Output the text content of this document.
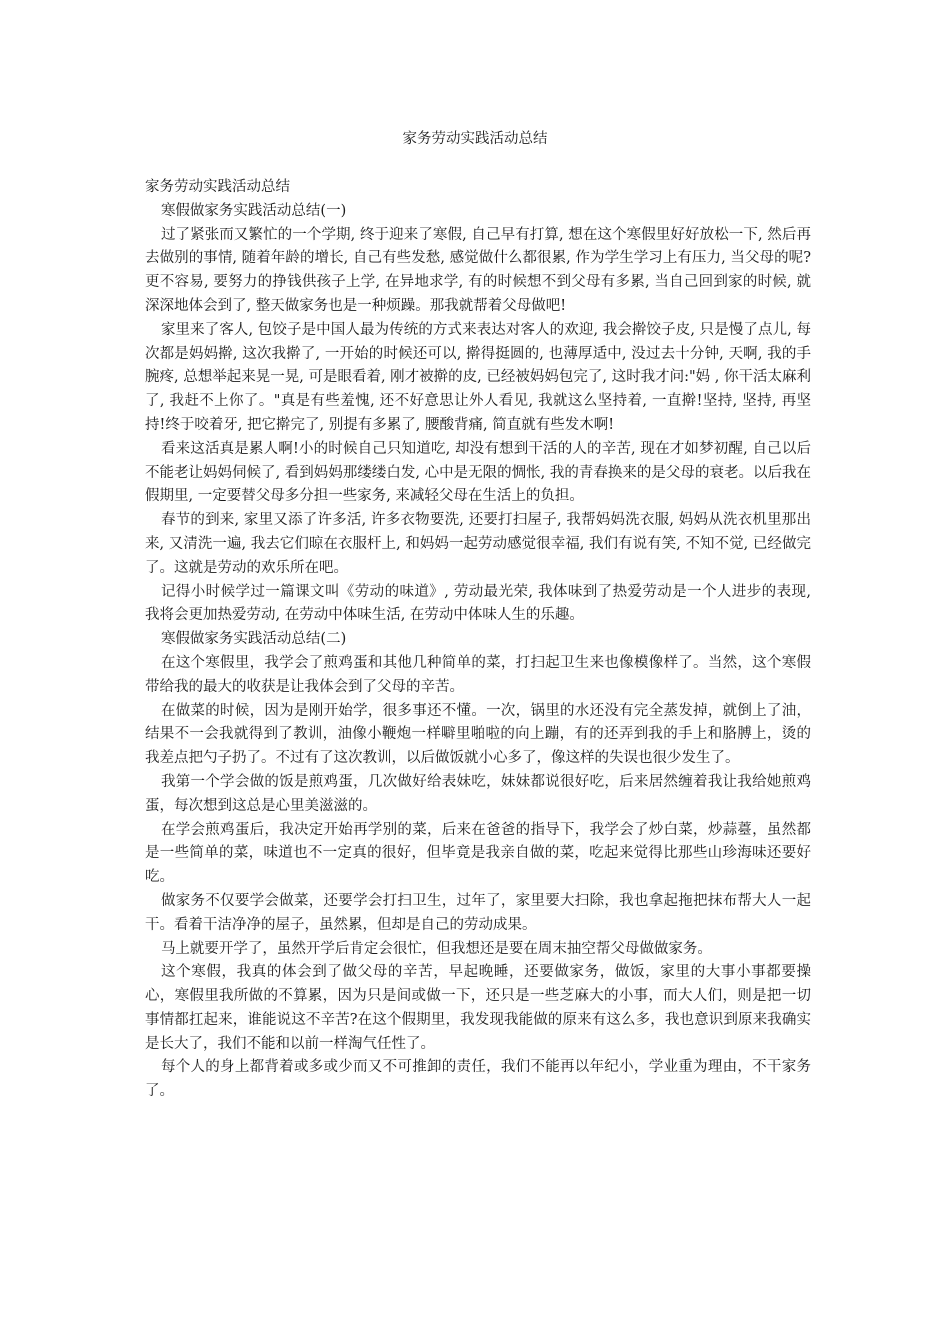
家务劳动实践活动总结

家务劳动实践活动总结

寒假做家务实践活动总结(一)

过了紧张而又繁忙的一个学期, 终于迎来了寒假, 自己早有打算, 想在这个寒假里好好放松一下, 然后再去做别的事情, 随着年龄的增长, 自己有些发愁, 感觉做什么都很累, 作为学生学习上有压力, 当父母的呢?更不容易, 要努力的挣钱供孩子上学, 在异地求学, 有的时候想不到父母有多累, 当自己回到家的时候, 就深深地体会到了, 整天做家务也是一种烦躁。那我就帮着父母做吧!

家里来了客人, 包饺子是中国人最为传统的方式来表达对客人的欢迎, 我会擀饺子皮, 只是慢了点儿, 每次都是妈妈擀, 这次我擀了, 一开始的时候还可以, 擀得挺圆的, 也薄厚适中, 没过去十分钟, 天啊, 我的手腕疼, 总想举起来晃一晃, 可是眼看着, 刚才被擀的皮, 已经被妈妈包完了, 这时我才问:"妈 , 你干活太麻利了, 我赶不上你了。"真是有些羞愧, 还不好意思让外人看见, 我就这么坚持着, 一直擀!坚持, 坚持, 再坚持!终于咬着牙, 把它擀完了, 别提有多累了, 腰酸背痛, 简直就有些发木啊!

看来这活真是累人啊!小的时候自己只知道吃, 却没有想到干活的人的辛苦, 现在才如梦初醒, 自己以后不能老让妈妈伺候了, 看到妈妈那缕缕白发, 心中是无限的惆怅, 我的青春换来的是父母的衰老。以后我在假期里, 一定要替父母多分担一些家务, 来减轻父母在生活上的负担。

春节的到来, 家里又添了许多活, 许多衣物要洗, 还要打扫屋子, 我帮妈妈洗衣服, 妈妈从洗衣机里那出来, 又清洗一遍, 我去它们晾在衣服杆上, 和妈妈一起劳动感觉很幸福, 我们有说有笑, 不知不觉, 已经做完了。这就是劳动的欢乐所在吧。

记得小时候学过一篇课文叫《劳动的味道》, 劳动最光荣, 我体味到了热爱劳动是一个人进步的表现, 我将会更加热爱劳动, 在劳动中体味生活, 在劳动中体味人生的乐趣。

寒假做家务实践活动总结(二)

在这个寒假里，我学会了煎鸡蛋和其他几种简单的菜，打扫起卫生来也像模像样了。当然，这个寒假带给我的最大的收获是让我体会到了父母的辛苦。

在做菜的时候，因为是刚开始学，很多事还不懂。一次，锅里的水还没有完全蒸发掉，就倒上了油，结果不一会我就得到了教训，油像小鞭炮一样噼里啪啦的向上蹦，有的还弄到我的手上和胳膊上，烫的我差点把勺子扔了。不过有了这次教训，以后做饭就小心多了，像这样的失误也很少发生了。

我第一个学会做的饭是煎鸡蛋，几次做好给表妹吃，妹妹都说很好吃，后来居然缠着我让我给她煎鸡蛋，每次想到这总是心里美滋滋的。

在学会煎鸡蛋后，我决定开始再学别的菜，后来在爸爸的指导下，我学会了炒白菜，炒蒜薹，虽然都是一些简单的菜，味道也不一定真的很好，但毕竟是我亲自做的菜，吃起来觉得比那些山珍海味还要好吃。

做家务不仅要学会做菜，还要学会打扫卫生，过年了，家里要大扫除，我也拿起拖把抹布帮大人一起干。看着干洁净净的屋子，虽然累，但却是自己的劳动成果。

马上就要开学了，虽然开学后肯定会很忙，但我想还是要在周末抽空帮父母做做家务。

这个寒假，我真的体会到了做父母的辛苦，早起晚睡，还要做家务，做饭，家里的大事小事都要操心，寒假里我所做的不算累，因为只是间或做一下，还只是一些芝麻大的小事，而大人们，则是把一切事情都扛起来，谁能说这不辛苦?在这个假期里，我发现我能做的原来有这么多，我也意识到原来我确实是长大了，我们不能和以前一样淘气任性了。

每个人的身上都背着或多或少而又不可推卸的责任，我们不能再以年纪小，学业重为理由，不干家务了。
